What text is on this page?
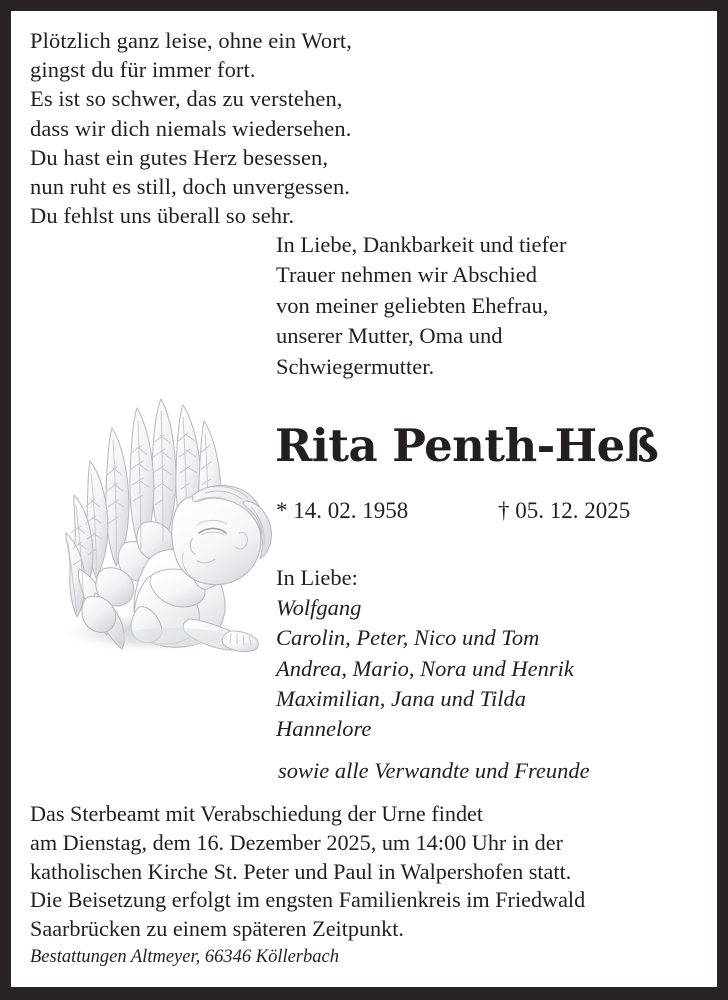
Plötzlich ganz leise, ohne ein Wort,
gingst du für immer fort.
Es ist so schwer, das zu verstehen,
dass wir dich niemals wiedersehen.
Du hast ein gutes Herz besessen,
nun ruht es still, doch unvergessen.
Du fehlst uns überall so sehr.
In Liebe, Dankbarkeit und tiefer
Trauer nehmen wir Abschied
von meiner geliebten Ehefrau,
unserer Mutter, Oma und
Schwiegermutter.
Rita Penth-Heß
* 14. 02. 1958	† 05. 12. 2025
In Liebe:
Wolfgang
Carolin, Peter, Nico und Tom
Andrea, Mario, Nora und Henrik
Maximilian, Jana und Tilda
Hannelore
sowie alle Verwandte und Freunde
Das Sterbeamt mit Verabschiedung der Urne findet
am Dienstag, dem 16. Dezember 2025, um 14:00 Uhr in der
katholischen Kirche St. Peter und Paul in Walpershofen statt.
Die Beisetzung erfolgt im engsten Familienkreis im Friedwald
Saarbrücken zu einem späteren Zeitpunkt.
Bestattungen Altmeyer, 66346 Köllerbach
